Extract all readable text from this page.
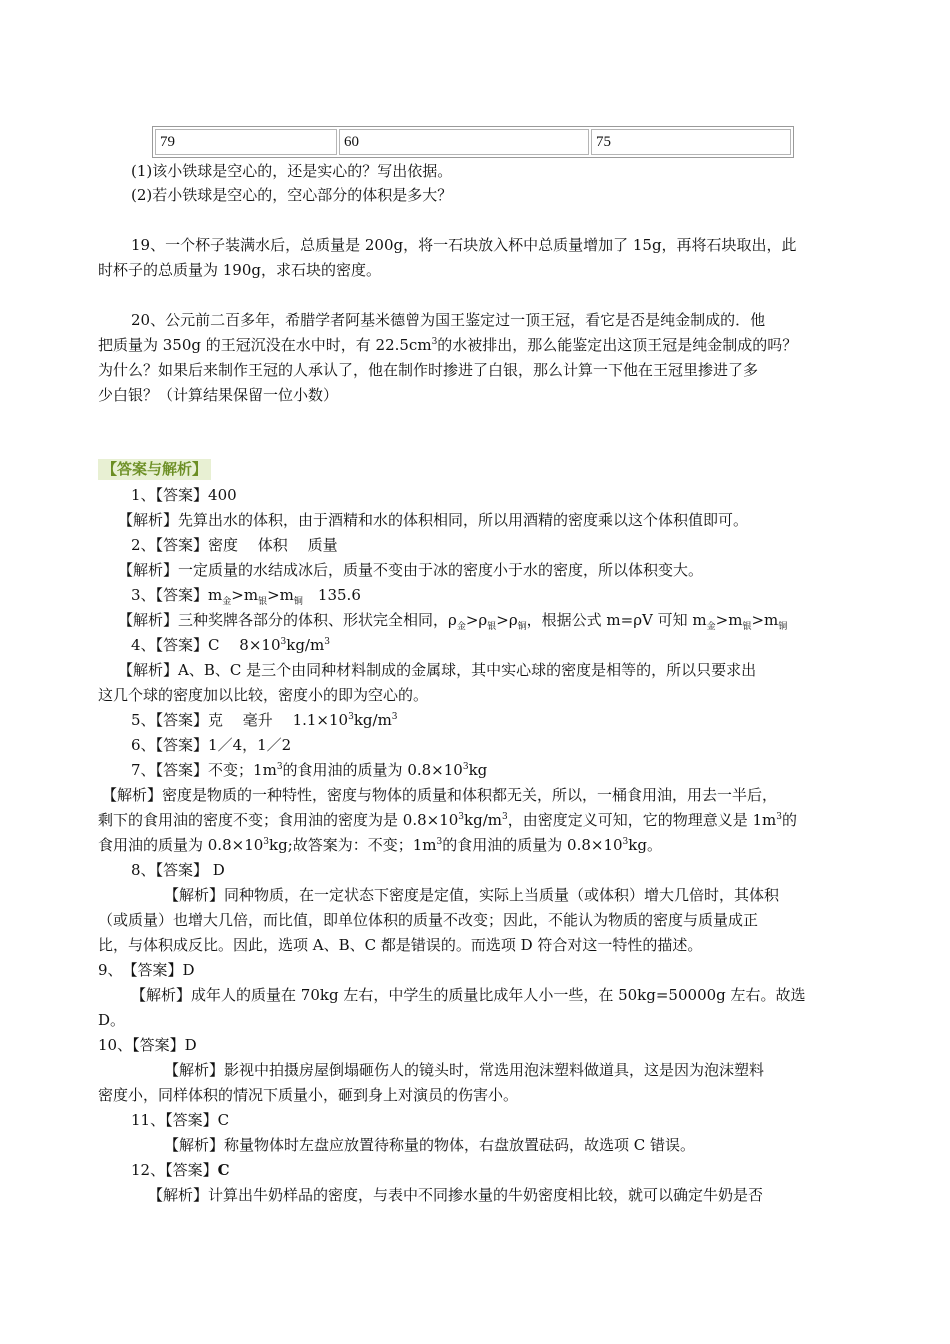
79	60	75
(1)该小铁球是空心的，还是实心的？写出依据。
(2)若小铁球是空心的，空心部分的体积是多大？
19、一个杯子装满水后，总质量是 200g，将一石块放入杯中总质量增加了 15g，再将石块取出，此
时杯子的总质量为 190g，求石块的密度。
20、公元前二百多年，希腊学者阿基米德曾为国王鉴定过一顶王冠，看它是否是纯金制成的．他
把质量为 350g 的王冠沉没在水中时，有 $22.5cm^3$的水被排出，那么能鉴定出这顶王冠是纯金制成的吗？
为什么？如果后来制作王冠的人承认了，他在制作时掺进了白银，那么计算一下他在王冠里掺进了多
少白银？（计算结果保留一位小数）
【答案与解析】
1、【答案】400
【解析】先算出水的体积，由于酒精和水的体积相同，所以用酒精的密度乘以这个体积值即可。
2、【答案】密度　 体积　 质量
【解析】一定质量的水结成冰后，质量不变由于冰的密度小于水的密度，所以体积变大。
3、【答案】$m_金>m_银>m_铜$　135.6
【解析】三种奖牌各部分的体积、形状完全相同，$\rho_金>\rho_银>\rho_铜$，根据公式 m=ρV 可知 $m_金>m_银>m_铜$
4、【答案】C　 $8\times 10^3kg/m^3$
【解析】A、B、C 是三个由同种材料制成的金属球，其中实心球的密度是相等的，所以只要求出
这几个球的密度加以比较，密度小的即为空心的。
5、【答案】克　 毫升　 $1.1\times 10^3kg/m^3$
6、【答案】1／4，1／2
7、【答案】不变；$1m^3$的食用油的质量为 $0.8\times 10^3kg$
【解析】密度是物质的一种特性，密度与物体的质量和体积都无关，所以，一桶食用油，用去一半后，
剩下的食用油的密度不变；食用油的密度为是 $0.8\times 10^3kg/m^3$，由密度定义可知，它的物理意义是 $1m^3$的
食用油的质量为 $0.8\times 10^3kg$;故答案为：不变；$1m^3$的食用油的质量为 $0.8\times 10^3kg$。
8、【答案】 D
【解析】同种物质，在一定状态下密度是定值，实际上当质量（或体积）增大几倍时，其体积
（或质量）也增大几倍，而比值，即单位体积的质量不改变；因此，不能认为物质的密度与质量成正
比，与体积成反比。因此，选项 A、B、C 都是错误的。而选项 D 符合对这一特性的描述。
9、　【答案】D
【解析】成年人的质量在 70kg 左右，中学生的质量比成年人小一些，在 50kg=50000g 左右。故选
D。
10、【答案】D
【解析】影视中拍摄房屋倒塌砸伤人的镜头时，常选用泡沫塑料做道具，这是因为泡沫塑料
密度小，同样体积的情况下质量小，砸到身上对演员的伤害小。
11、【答案】C
【解析】称量物体时左盘应放置待称量的物体，右盘放置砝码，故选项 C 错误。
12、【答案】C
【解析】计算出牛奶样品的密度，与表中不同掺水量的牛奶密度相比较，就可以确定牛奶是否
